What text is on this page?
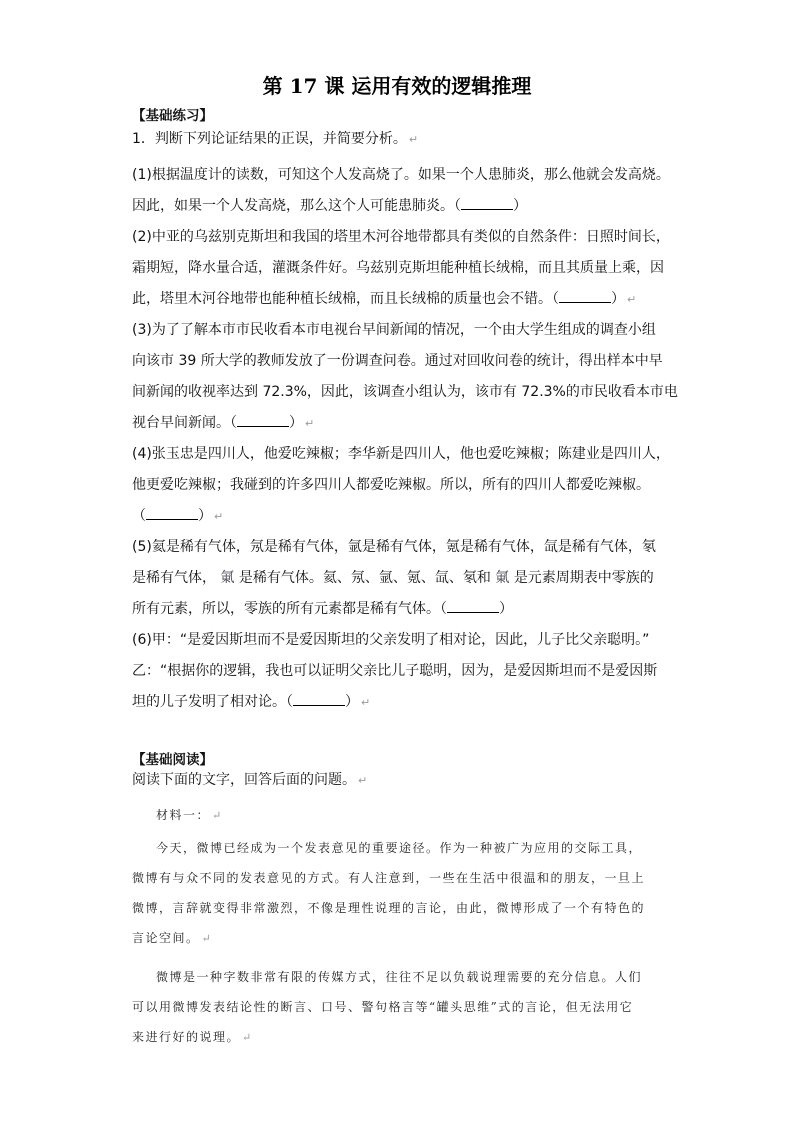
第 17 课 运用有效的逻辑推理
【基础练习】
1．判断下列论证结果的正误，并简要分析。 ↵
(1)根据温度计的读数，可知这个人发高烧了。如果一个人患肺炎，那么他就会发高烧。
因此，如果一个人发高烧，那么这个人可能患肺炎。（	）
(2)中亚的乌兹别克斯坦和我国的塔里木河谷地带都具有类似的自然条件：日照时间长，
霜期短，降水量合适，灌溉条件好。乌兹别克斯坦能种植长绒棉，而且其质量上乘，因
此，塔里木河谷地带也能种植长绒棉，而且长绒棉的质量也会不错。（	） ↵
(3)为了了解本市市民收看本市电视台早间新闻的情况，一个由大学生组成的调查小组
向该市 39 所大学的教师发放了一份调查问卷。通过对回收问卷的统计，得出样本中早
间新闻的收视率达到 72.3%，因此，该调查小组认为，该市有 72.3%的市民收看本市电
视台早间新闻。（	） ↵
(4)张玉忠是四川人，他爱吃辣椒；李华新是四川人，他也爱吃辣椒；陈建业是四川人，
他更爱吃辣椒；我碰到的许多四川人都爱吃辣椒。所以，所有的四川人都爱吃辣椒。
（	） ↵
(5)氦是稀有气体，氖是稀有气体，氩是稀有气体，氪是稀有气体，氙是稀有气体，氡
是稀有气体， 氭 是稀有气体。氦、氖、氩、氪、氙、氡和 氭 是元素周期表中零族的
所有元素，所以，零族的所有元素都是稀有气体。（	）
(6)甲：“是爱因斯坦而不是爱因斯坦的父亲发明了相对论，因此，儿子比父亲聪明。”
乙：“根据你的逻辑，我也可以证明父亲比儿子聪明，因为，是爱因斯坦而不是爱因斯
坦的儿子发明了相对论。（	） ↵
【基础阅读】
阅读下面的文字，回答后面的问题。 ↵
材料一： ↵
今天，微博已经成为一个发表意见的重要途径。作为一种被广为应用的交际工具，
微博有与众不同的发表意见的方式。有人注意到，一些在生活中很温和的朋友，一旦上
微博，言辞就变得非常激烈，不像是理性说理的言论，由此，微博形成了一个有特色的
言论空间。 ↵
微博是一种字数非常有限的传媒方式，往往不足以负载说理需要的充分信息。人们
可以用微博发表结论性的断言、口号、警句格言等“罐头思维”式的言论，但无法用它
来进行好的说理。 ↵
